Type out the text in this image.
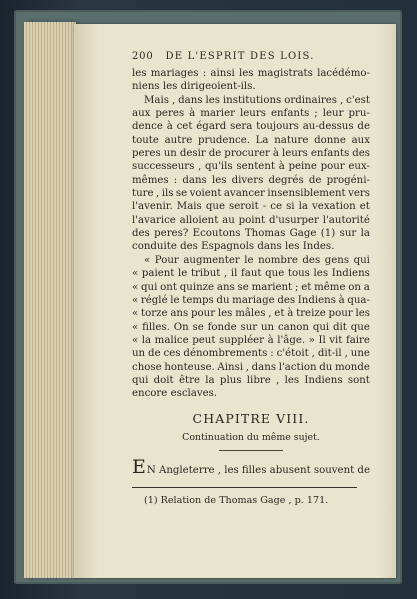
200 DE L'ESPRIT DES LOIS.
les mariages : ainsi les magistrats lacédémo-
niens les dirigeoient-ils.
Mais , dans les institutions ordinaires , c'est
aux peres à marier leurs enfants ; leur pru-
dence à cet égard sera toujours au-dessus de
toute autre prudence. La nature donne aux
peres un desir de procurer à leurs enfants des
successeurs , qu'ils sentent à peine pour eux-
mêmes : dans les divers degrés de progéni-
ture , ils se voient avancer insensiblement vers
l'avenir. Mais que seroit - ce si la vexation et
l'avarice alloient au point d'usurper l'autorité
des peres? Ecoutons Thomas Gage (1) sur la
conduite des Espagnols dans les Indes.
« Pour augmenter le nombre des gens qui
« paient le tribut , il faut que tous les Indiens
« qui ont quinze ans se marient ; et même on a
« réglé le temps du mariage des Indiens à qua-
« torze ans pour les mâles , et à treize pour les
« filles. On se fonde sur un canon qui dit que
« la malice peut suppléer à l'âge. » Il vit faire
un de ces dénombrements : c'étoit , dit-il , une
chose honteuse. Ainsi , dans l'action du monde
qui doit être la plus libre , les Indiens sont
encore esclaves.
CHAPITRE VIII.
Continuation du même sujet.
E N Angleterre , les filles abusent souvent de
(1) Relation de Thomas Gage , p. 171.
